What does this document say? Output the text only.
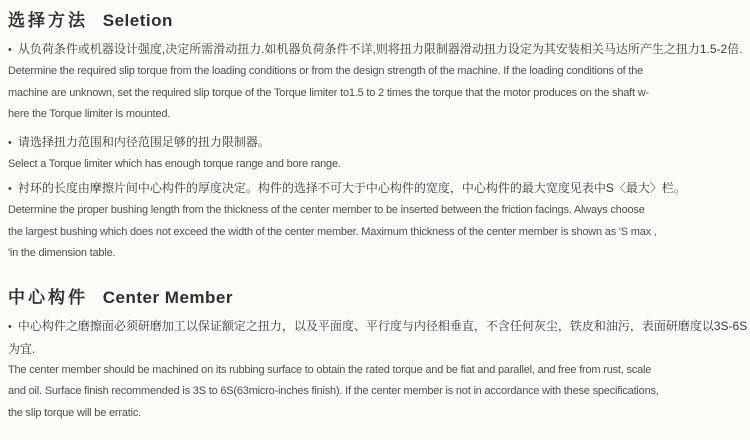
选择方法 Seletion
• 从负荷条件或机器设计强度,决定所需滑动扭力.如机器负荷条件不详,则将扭力限制器滑动扭力设定为其安装相关马达所产生之扭力1.5-2倍.
Determine the required slip torque from the loading conditions or from the design strength of the machine. If the loading conditions of the
machine are unknown, set the required slip torque of the Torque limiter to1.5 to 2 times the torque that the motor produces on the shaft w-
here the Torque limiter is mounted.
• 请选择扭力范围和内径范围足够的扭力限制器。
Select a Torque limiter which has enough torque range and bore range.
• 衬环的长度由摩擦片间中心构件的厚度决定。构件的选择不可大于中心构件的宽度，中心构件的最大宽度见表中S〈最大〉栏。
Determine the proper bushing length from the thickness of the center member to be inserted between the friction facings. Always choose
the largest bushing which does not exceed the width of the center member. Maximum thickness of the center member is shown as 'S max ,
'in the dimension table.
中心构件 Center Member
• 中心构件之磨擦面必须研磨加工以保证额定之扭力，以及平面度、平行度与内径相垂直，不含任何灰尘，铁皮和油污，表面研磨度以3S-6S
为宜.
The center member should be machined on its rubbing surface to obtain the rated torque and be fiat and parallel, and free from rust, scale
and oil. Surface finish recommended is 3S to 6S(63micro-inches finish). If the center member is not in accordance with these specifications,
the slip torque will be erratic.
